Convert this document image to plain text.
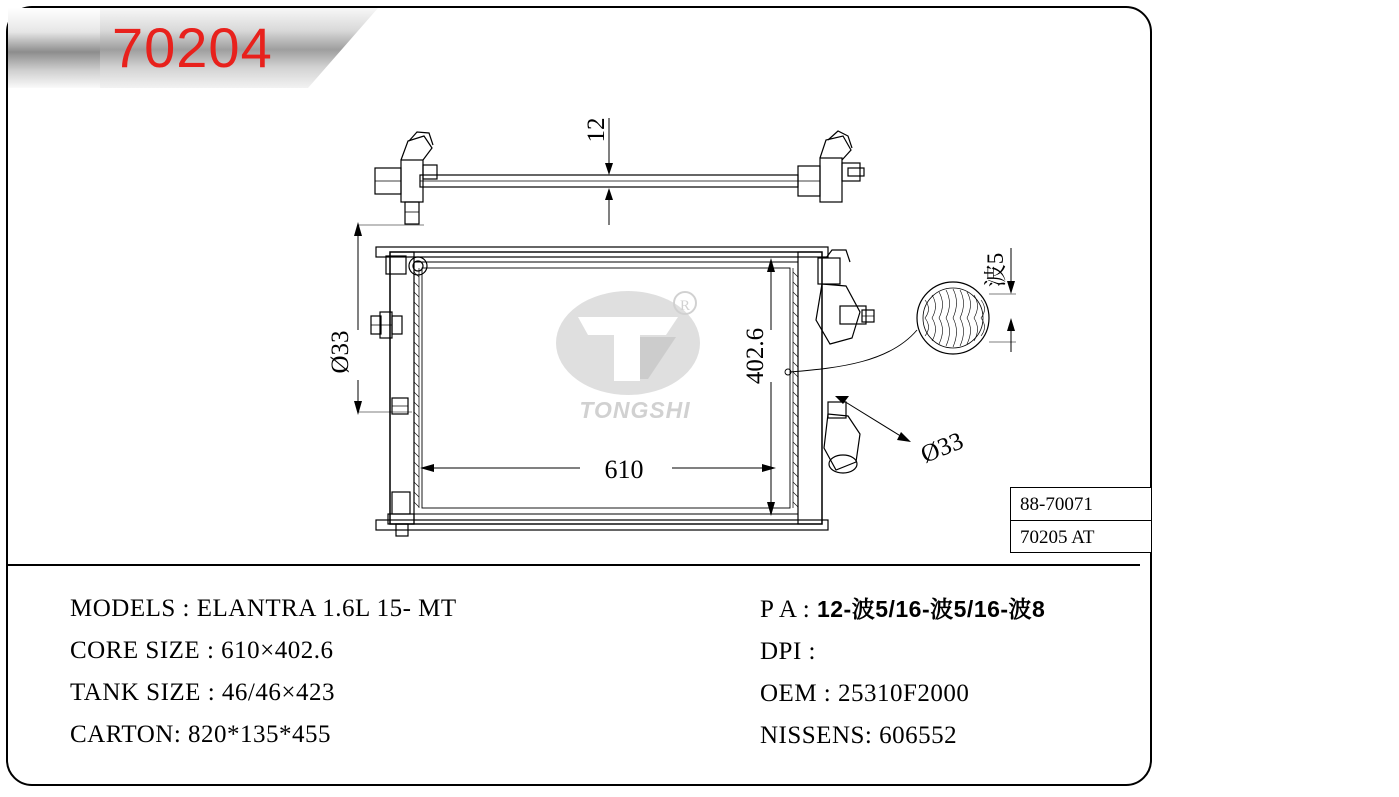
12
Ø33	402.6
610
波5
Ø33
R
TONGSHI
88-70071
70205 AT
MODELS : ELANTRA 1.6L 15- MT
CORE SIZE : 610×402.6
TANK SIZE : 46/46×423
CARTON: 820*135*455
P A : 12-波5/16-波5/16-波8
DPI :
OEM : 25310F2000
NISSENS: 606552
70204
